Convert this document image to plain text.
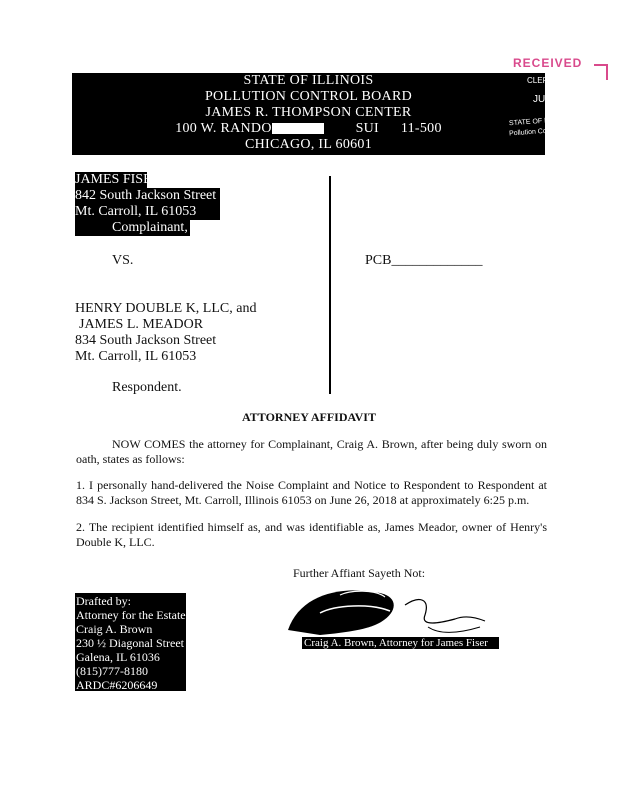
STATE OF ILLINOIS
POLLUTION CONTROL BOARD
JAMES R. THOMPSON CENTER
100 W. RANDO	SUI 11-500
CHICAGO, IL 60601
RECEIVED
CLERK'S OFFICE
JUL 9 9 2018
STATE OF ILLINOIS
Pollution Control Board
JAMES FISER
842 South Jackson Street
Mt. Carroll, IL 61053
Complainant,
VS.	PCB_____________
HENRY DOUBLE K, LLC, and
JAMES L. MEADOR
834 South Jackson Street
Mt. Carroll, IL 61053
Respondent.
ATTORNEY AFFIDAVIT
NOW COMES the attorney for Complainant, Craig A. Brown, after being duly sworn on oath, states as follows:
1. I personally hand-delivered the Noise Complaint and Notice to Respondent to Respondent at 834 S. Jackson Street, Mt. Carroll, Illinois 61053 on June 26, 2018 at approximately 6:25 p.m.
2. The recipient identified himself as, and was identifiable as, James Meador, owner of Henry's Double K, LLC.
Further Affiant Sayeth Not:
Craig A. Brown, Attorney for James Fiser
Drafted by:
Attorney for the Estate:
Craig A. Brown
230 ½ Diagonal Street
Galena, IL 61036
(815)777-8180
ARDC#6206649
